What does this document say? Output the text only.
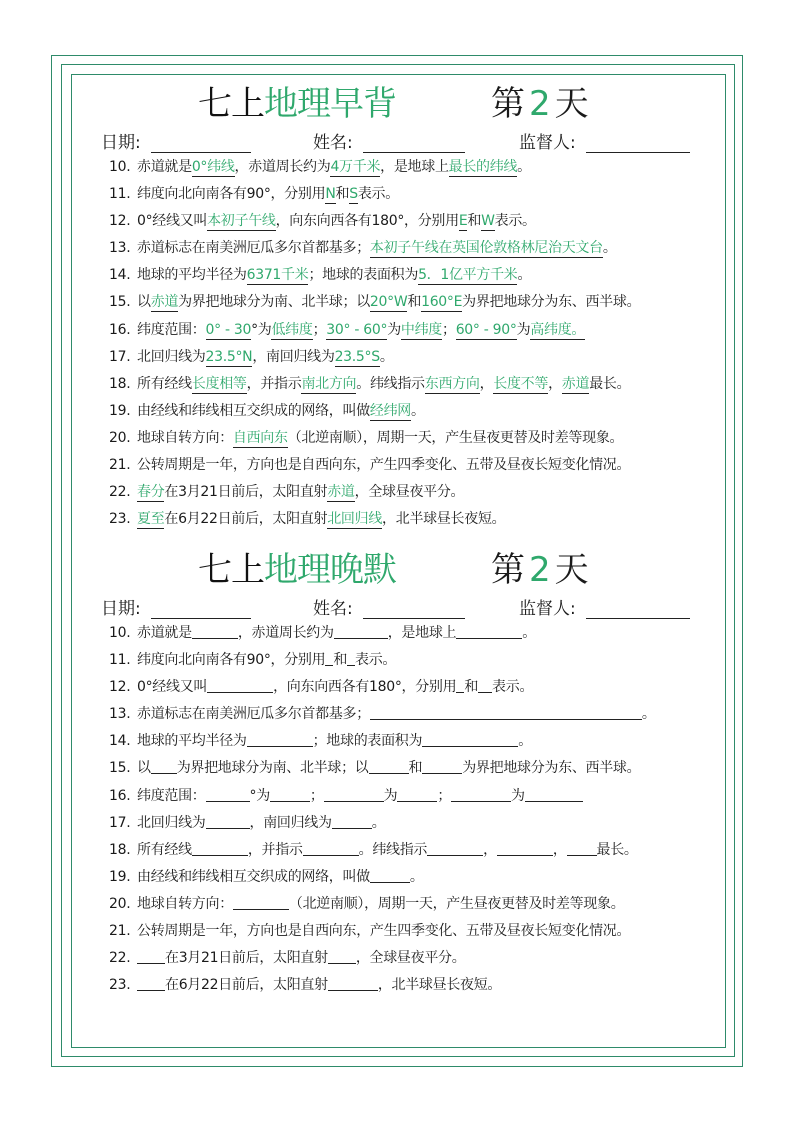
七上地理早背	第 2 天
日期:	姓名:	监督人:
10. 赤道就是0°纬线，赤道周长约为4万千米，是地球上最长的纬线。
11. 纬度向北向南各有90°，分别用N和S表示。
12. 0°经线又叫本初子午线，向东向西各有180°，分别用E和W表示。
13. 赤道标志在南美洲厄瓜多尔首都基多；本初子午线在英国伦敦格林尼治天文台。
14. 地球的平均半径为6371千米；地球的表面积为5．1亿平方千米。
15. 以赤道为界把地球分为南、北半球；以20°W和160°E为界把地球分为东、西半球。
16. 纬度范围：0° - 30°为低纬度；30° - 60°为中纬度；60° - 90°为高纬度。
17. 北回归线为23.5°N，南回归线为23.5°S。
18. 所有经线长度相等，并指示南北方向。纬线指示东西方向，长度不等，赤道最长。
19. 由经线和纬线相互交织成的网络，叫做经纬网。
20. 地球自转方向：自西向东（北逆南顺），周期一天，产生昼夜更替及时差等现象。
21. 公转周期是一年，方向也是自西向东，产生四季变化、五带及昼夜长短变化情况。
22. 春分在3月21日前后，太阳直射赤道，全球昼夜平分。
23. 夏至在6月22日前后，太阳直射北回归线，北半球昼长夜短。
七上地理晚默	第 2 天
日期:	姓名:	监督人:
10. 赤道就是	，赤道周长约为	，是地球上	。
11. 纬度向北向南各有90°，分别用 和 表示。
12. 0°经线又叫	，向东向西各有180°，分别用 和 表示。
13. 赤道标志在南美洲厄瓜多尔首都基多；	。
14. 地球的平均半径为	；地球的表面积为	。
15. 以 为界把地球分为南、北半球；以	和	为界把地球分为东、西半球。
16. 纬度范围：	°为	；	为	；	为
17. 北回归线为	，南回归线为	。
18. 所有经线	，并指示	。纬线指示	，	， 最长。
19. 由经线和纬线相互交织成的网络，叫做	。
20. 地球自转方向：	（北逆南顺），周期一天，产生昼夜更替及时差等现象。
21. 公转周期是一年，方向也是自西向东，产生四季变化、五带及昼夜长短变化情况。
22. 在3月21日前后，太阳直射 ，全球昼夜平分。
23. 在6月22日前后，太阳直射	，北半球昼长夜短。
